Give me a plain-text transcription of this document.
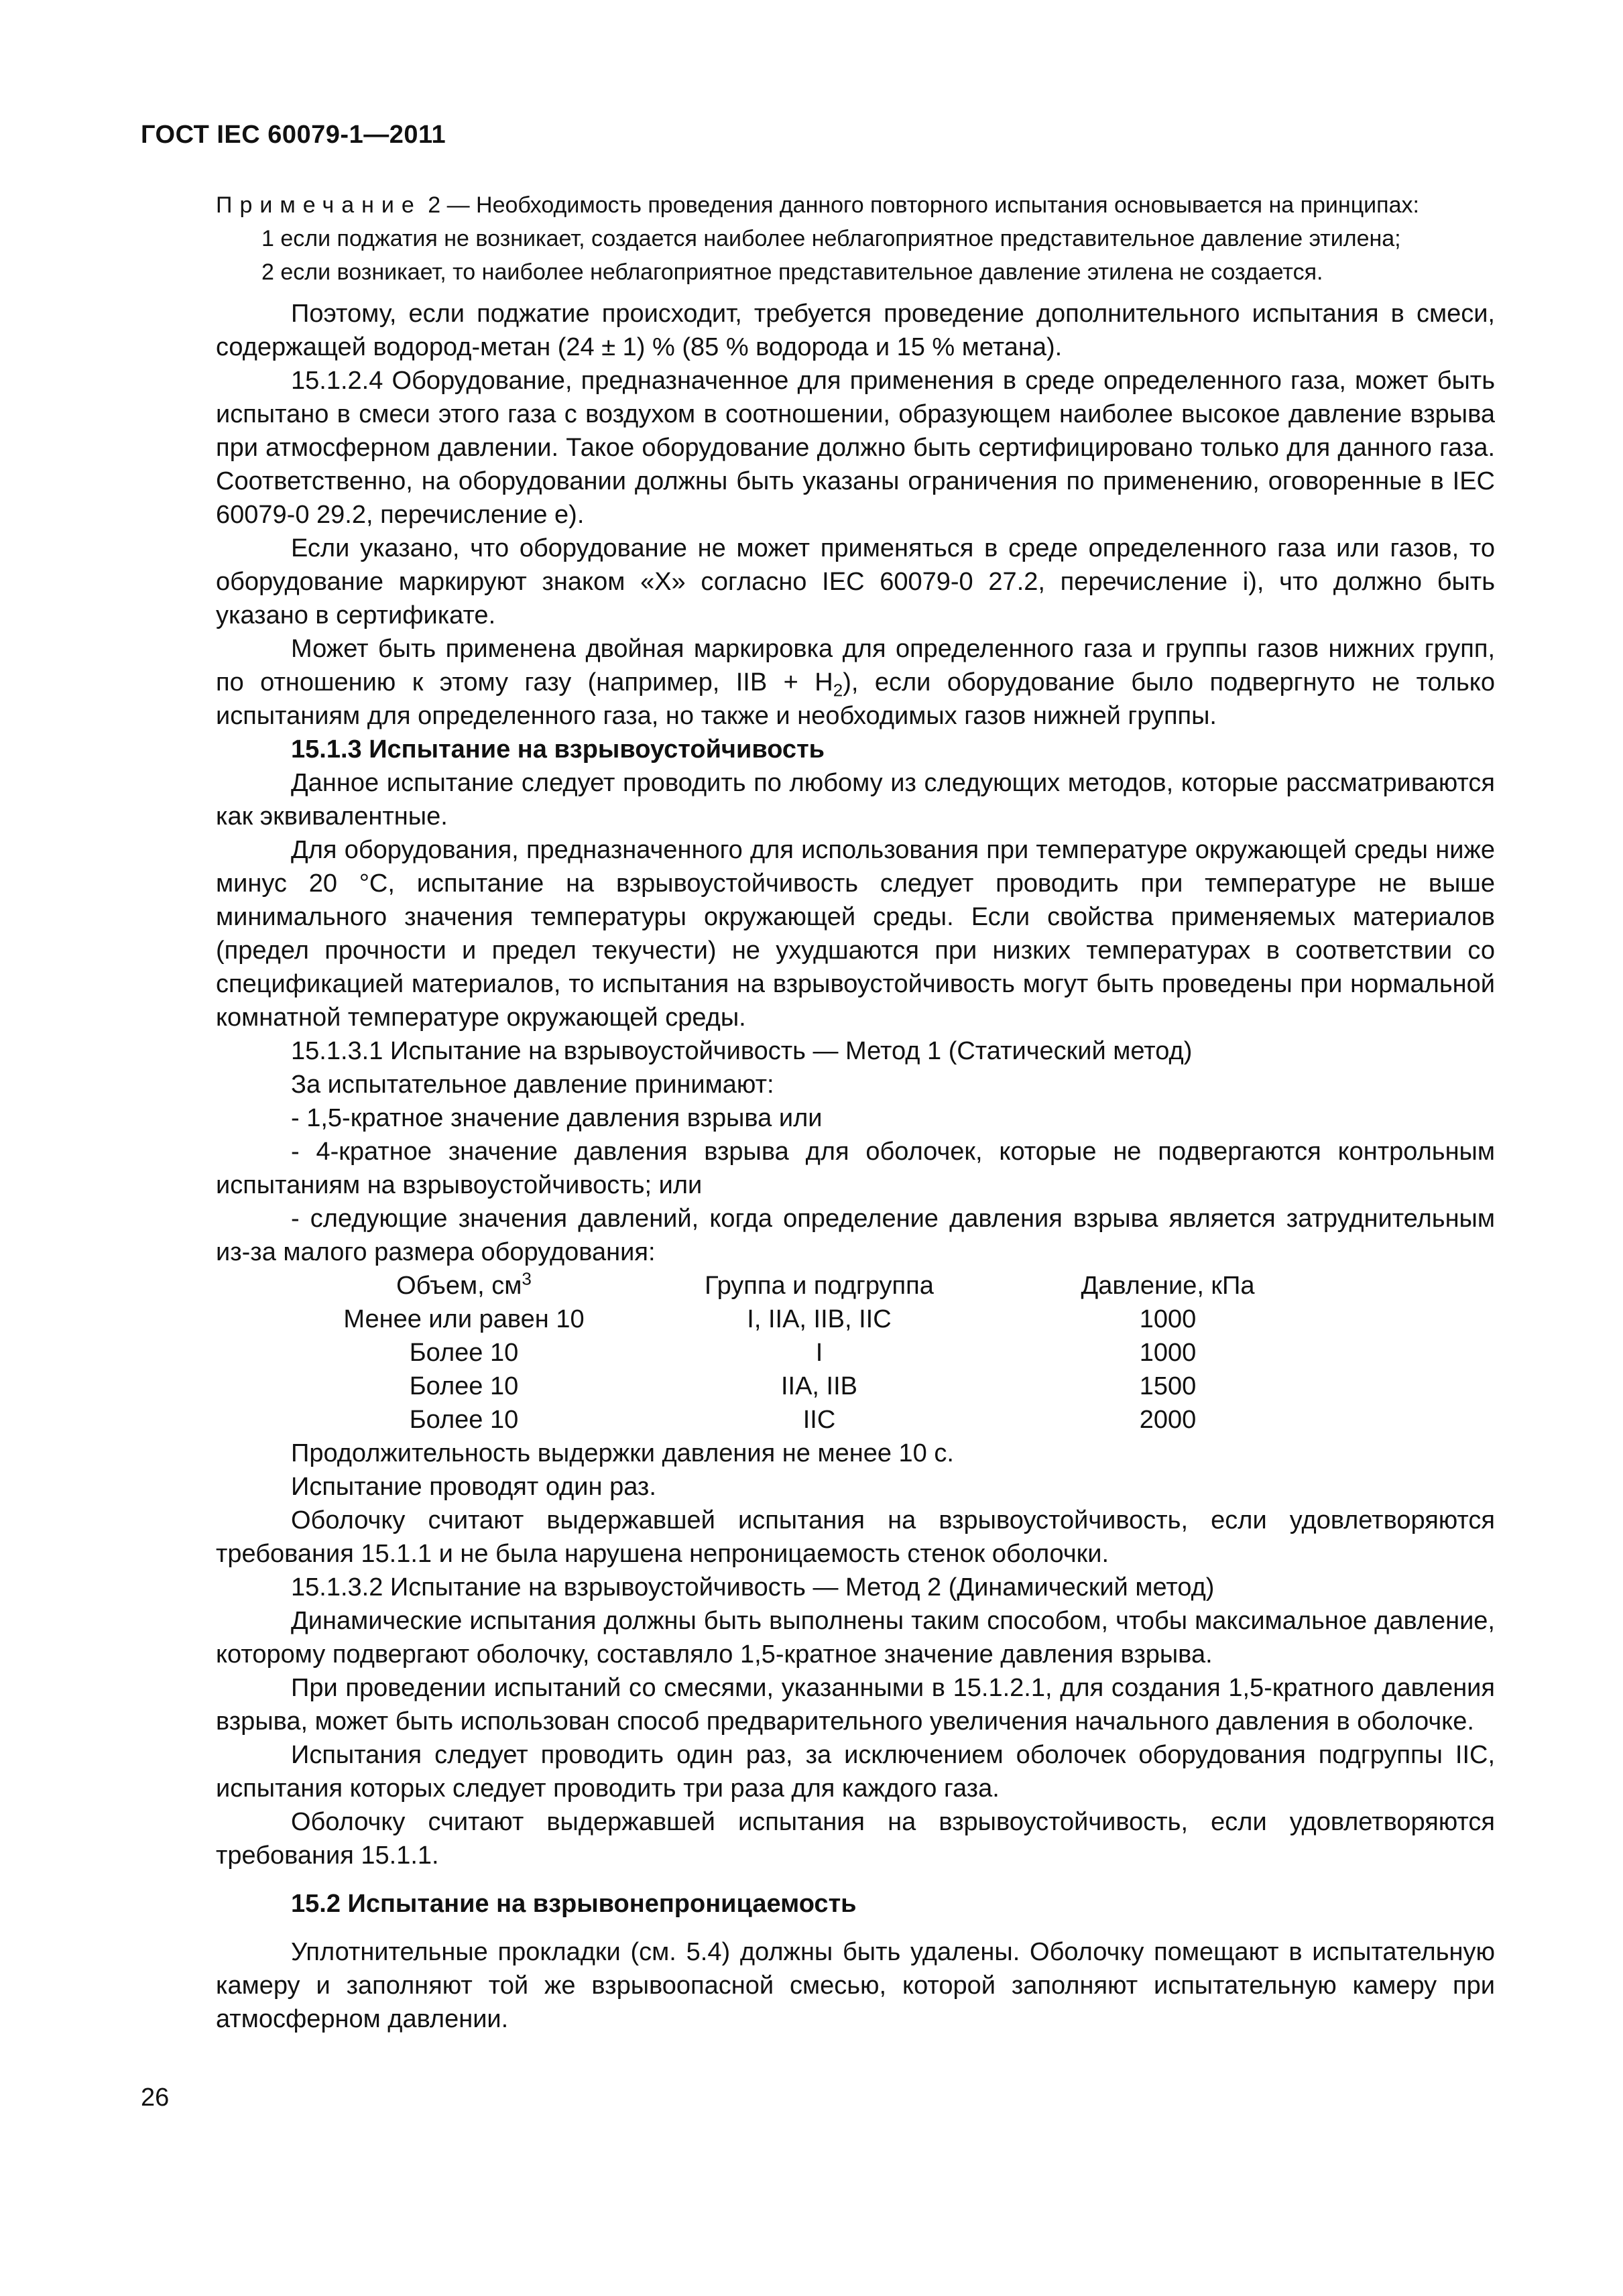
ГОСТ IEC 60079-1—2011

Примечание 2 — Необходимость проведения данного повторного испытания основывается на принципах:

1 если поджатия не возникает, создается наиболее неблагоприятное представительное давление этилена;

2 если возникает, то наиболее неблагоприятное представительное давление этилена не создается.

Поэтому, если поджатие происходит, требуется проведение дополнительного испытания в смеси, содержащей водород-метан (24 ± 1) % (85 % водорода и 15 % метана).

15.1.2.4 Оборудование, предназначенное для применения в среде определенного газа, может быть испытано в смеси этого газа с воздухом в соотношении, образующем наиболее высокое давление взрыва при атмосферном давлении. Такое оборудование должно быть сертифицировано только для данного газа. Соответственно, на оборудовании должны быть указаны ограничения по применению, оговоренные в IEC 60079-0 29.2, перечисление е).

Если указано, что оборудование не может применяться в среде определенного газа или газов, то оборудование маркируют знаком «Х» согласно IEC 60079-0 27.2, перечисление i), что должно быть указано в сертификате.

Может быть применена двойная маркировка для определенного газа и группы газов нижних групп, по отношению к этому газу (например, IIB + $H_2$), если оборудование было подвергнуто не только испытаниям для определенного газа, но также и необходимых газов нижней группы.

15.1.3 Испытание на взрывоустойчивость

Данное испытание следует проводить по любому из следующих методов, которые рассматриваются как эквивалентные.

Для оборудования, предназначенного для использования при температуре окружающей среды ниже минус 20 °С, испытание на взрывоустойчивость следует проводить при температуре не выше минимального значения температуры окружающей среды. Если свойства применяемых материалов (предел прочности и предел текучести) не ухудшаются при низких температурах в соответствии со спецификацией материалов, то испытания на взрывоустойчивость могут быть проведены при нормальной комнатной температуре окружающей среды.

15.1.3.1 Испытание на взрывоустойчивость — Метод 1 (Статический метод)

За испытательное давление принимают:

- 1,5-кратное значение давления взрыва или

- 4-кратное значение давления взрыва для оболочек, которые не подвергаются контрольным испытаниям на взрывоустойчивость; или

- следующие значения давлений, когда определение давления взрыва является затруднительным из-за малого размера оборудования:

Объем, $см^3$	Группа и подгруппа	Давление, кПа
Менее или равен 10	I, IIA, IIB, IIC	1000
Более 10	I	1000
Более 10	IIA, IIB	1500
Более 10	IIC	2000

Продолжительность выдержки давления не менее 10 с.

Испытание проводят один раз.

Оболочку считают выдержавшей испытания на взрывоустойчивость, если удовлетворяются требования 15.1.1 и не была нарушена непроницаемость стенок оболочки.

15.1.3.2 Испытание на взрывоустойчивость — Метод 2 (Динамический метод)

Динамические испытания должны быть выполнены таким способом, чтобы максимальное давление, которому подвергают оболочку, составляло 1,5-кратное значение давления взрыва.

При проведении испытаний со смесями, указанными в 15.1.2.1, для создания 1,5-кратного давления взрыва, может быть использован способ предварительного увеличения начального давления в оболочке.

Испытания следует проводить один раз, за исключением оболочек оборудования подгруппы IIC, испытания которых следует проводить три раза для каждого газа.

Оболочку считают выдержавшей испытания на взрывоустойчивость, если удовлетворяются требования 15.1.1.

15.2 Испытание на взрывонепроницаемость

Уплотнительные прокладки (см. 5.4) должны быть удалены. Оболочку помещают в испытательную камеру и заполняют той же взрывоопасной смесью, которой заполняют испытательную камеру при атмосферном давлении.

26
